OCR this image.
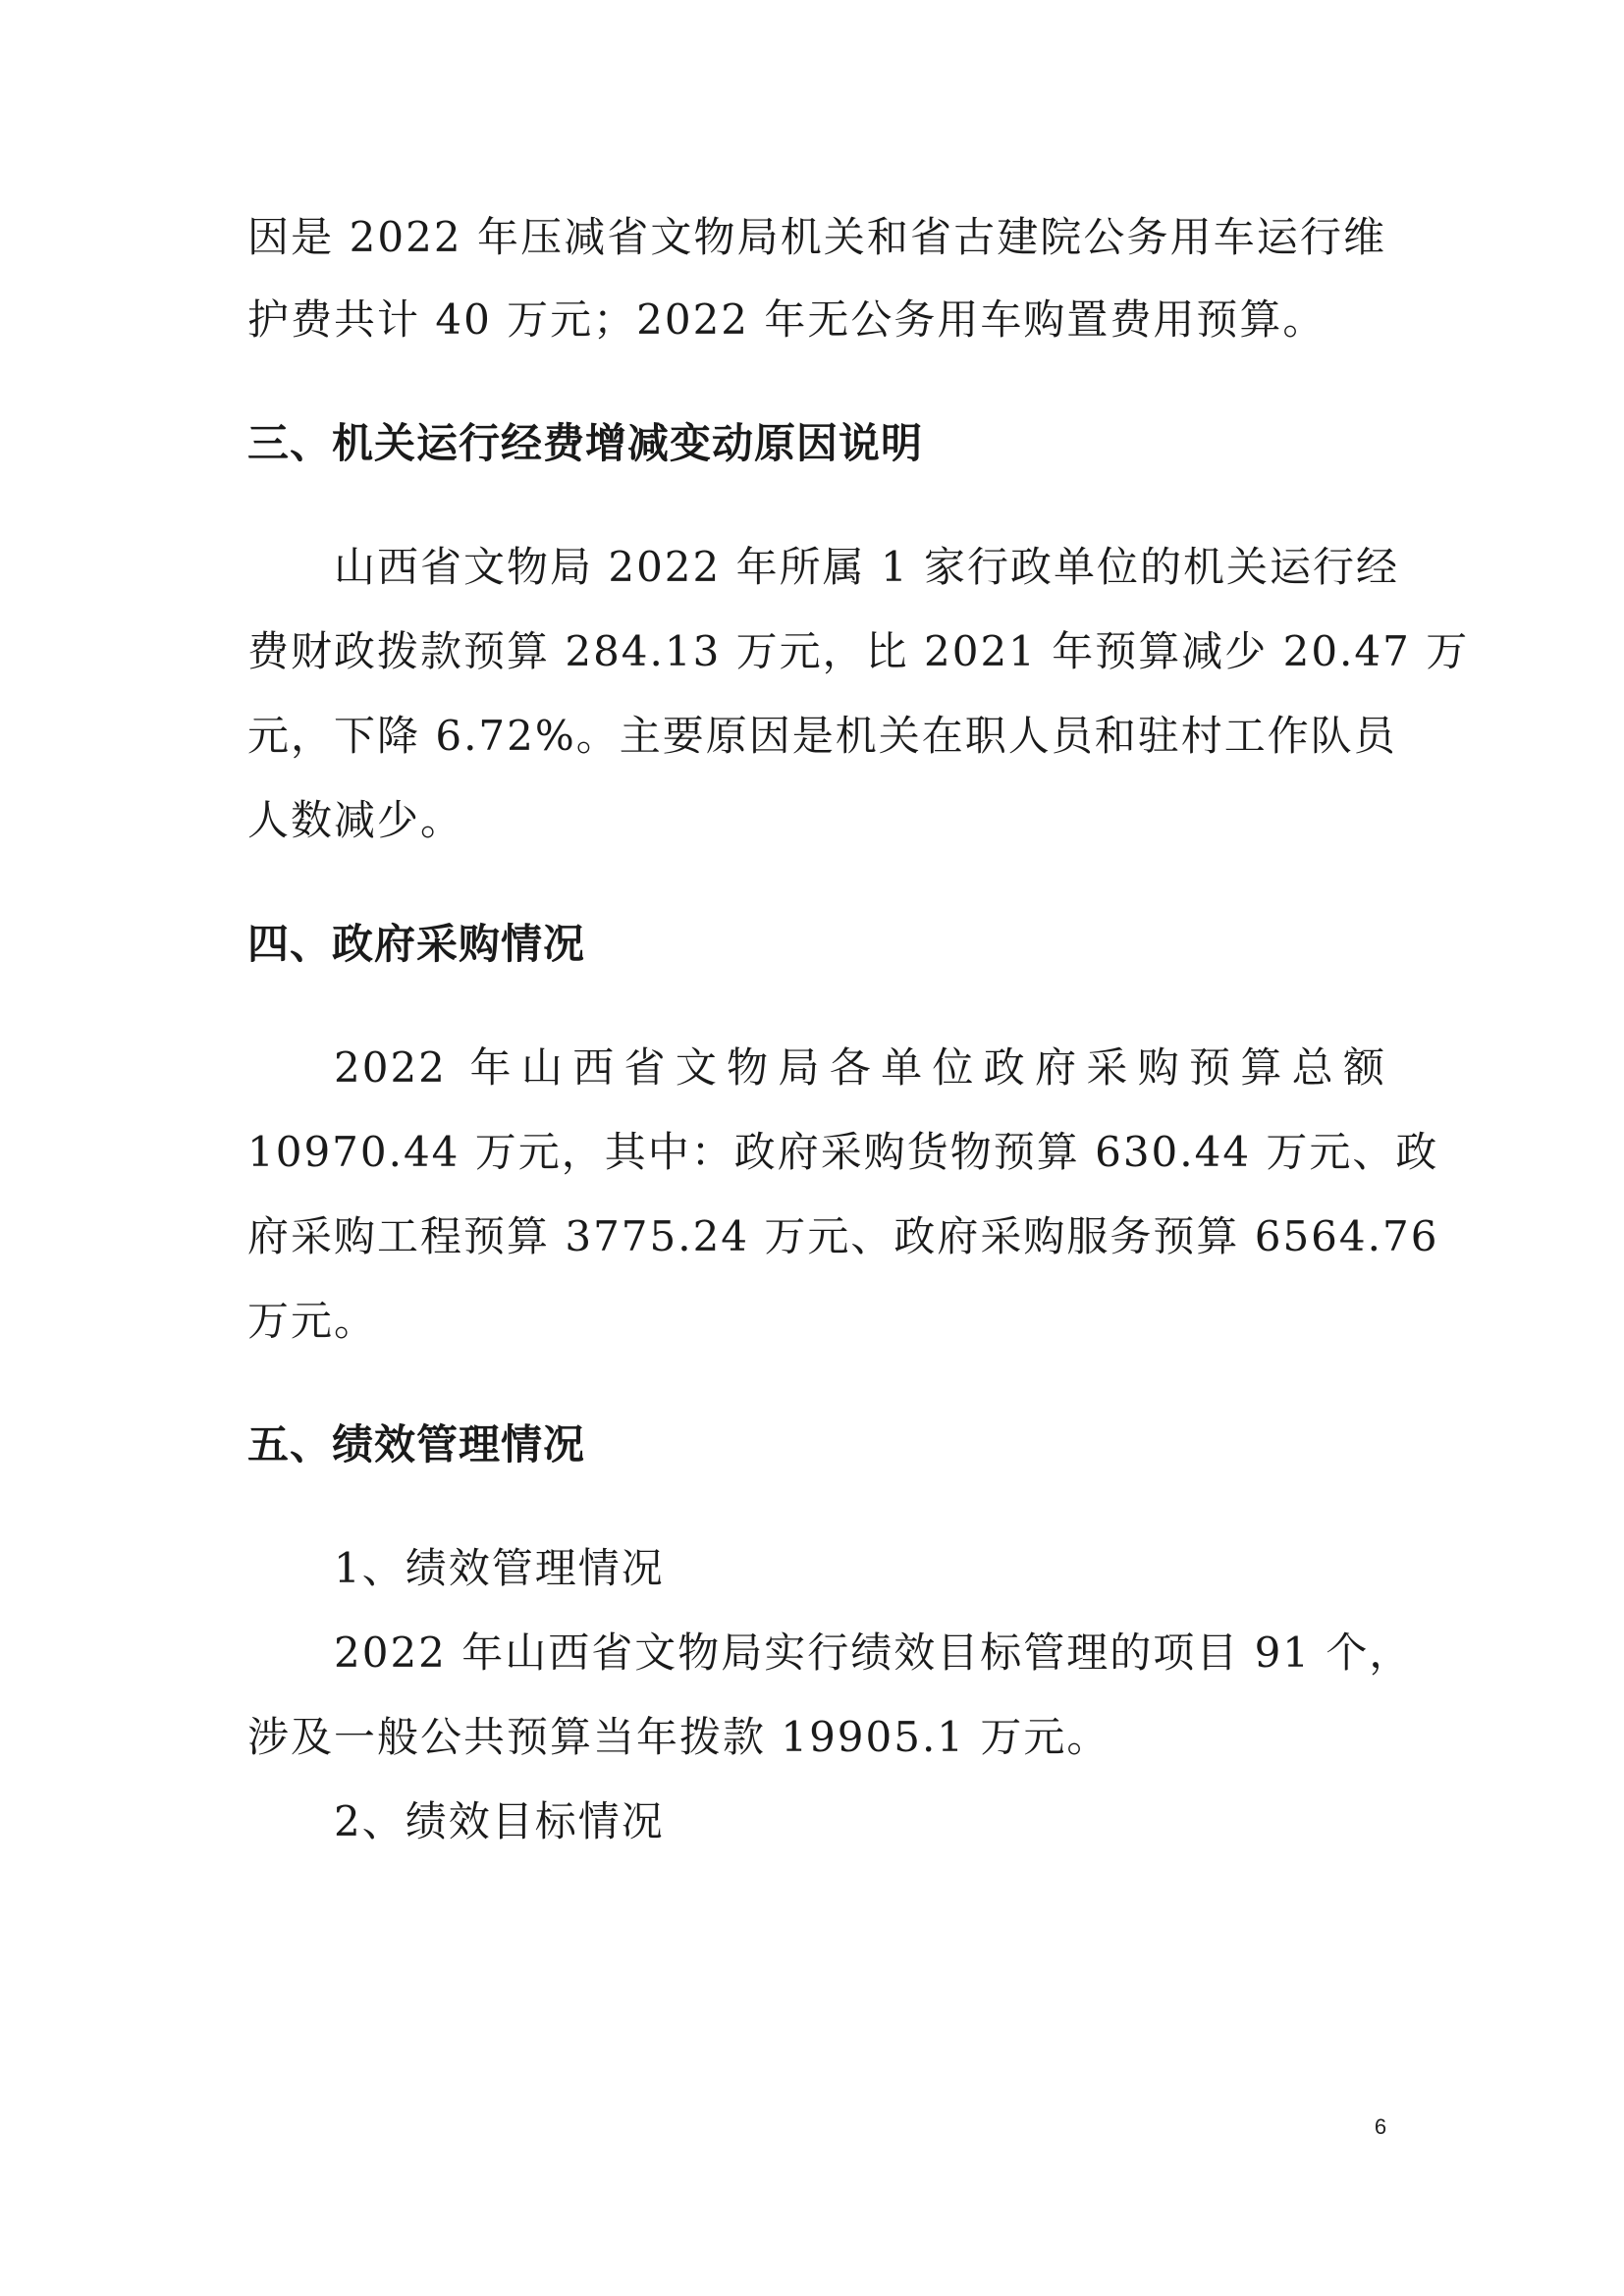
因是 2022 年压减省文物局机关和省古建院公务用车运行维
护费共计 40 万元；2022 年无公务用车购置费用预算。
三、机关运行经费增减变动原因说明
山西省文物局 2022 年所属 1 家行政单位的机关运行经
费财政拨款预算 284.13 万元，比 2021 年预算减少 20.47 万
元，下降 6.72%。主要原因是机关在职人员和驻村工作队员
人数减少。
四、政府采购情况
2022 年山西省文物局各单位政府采购预算总额
10970.44 万元，其中：政府采购货物预算 630.44 万元、政
府采购工程预算 3775.24 万元、政府采购服务预算 6564.76
万元。
五、绩效管理情况
1、绩效管理情况
2022 年山西省文物局实行绩效目标管理的项目 91 个，
涉及一般公共预算当年拨款 19905.1 万元。
2、绩效目标情况
6
